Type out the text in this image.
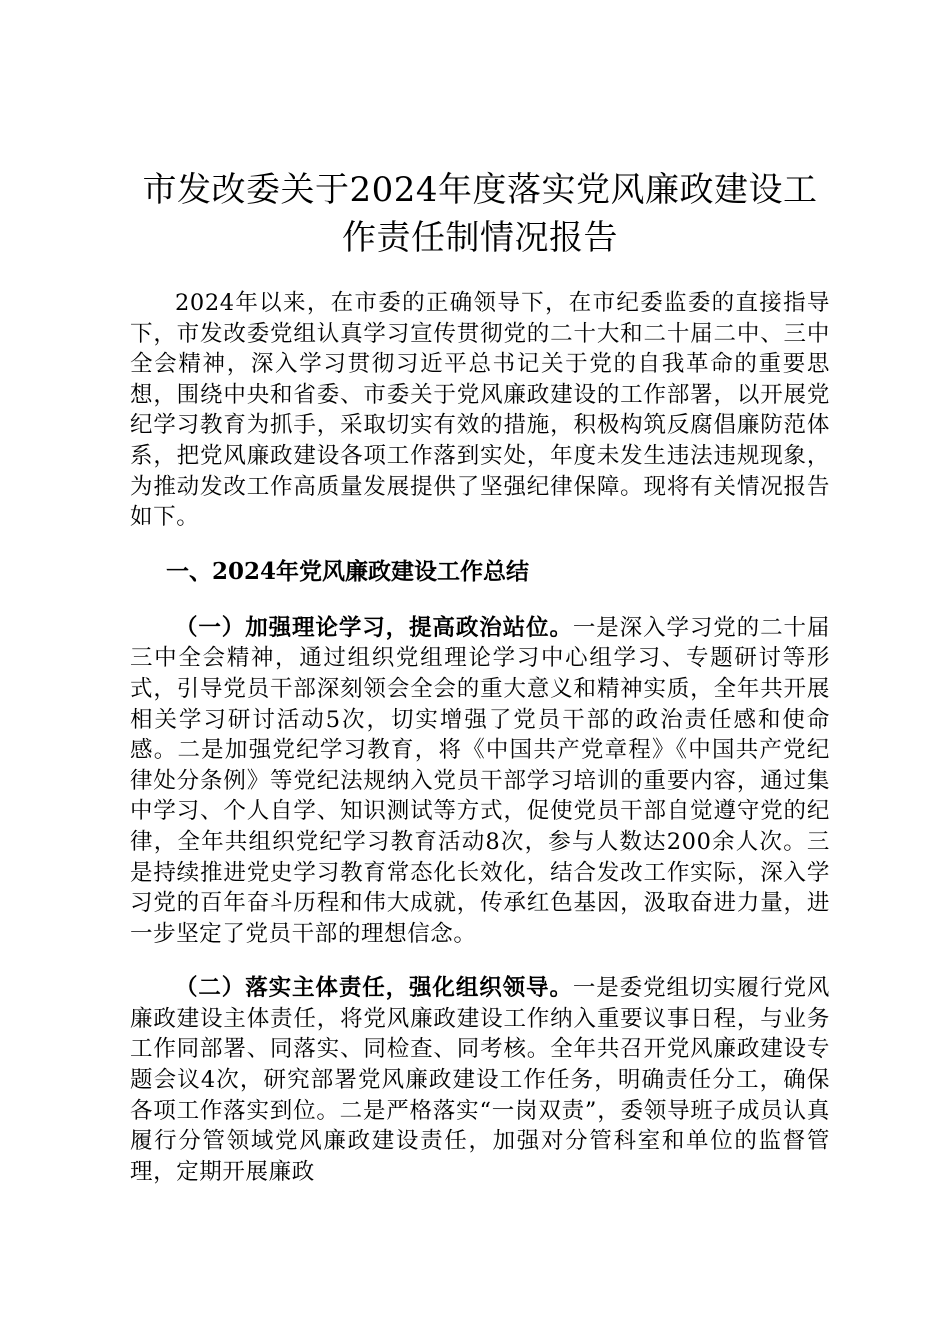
市发改委关于2024年度落实党风廉政建设工
作责任制情况报告

2024年以来，在市委的正确领导下，在市纪委监委的直接指导下，市发改委党组认真学习宣传贯彻党的二十大和二十届二中、三中全会精神，深入学习贯彻习近平总书记关于党的自我革命的重要思想，围绕中央和省委、市委关于党风廉政建设的工作部署，以开展党纪学习教育为抓手，采取切实有效的措施，积极构筑反腐倡廉防范体系，把党风廉政建设各项工作落到实处，年度未发生违法违规现象，为推动发改工作高质量发展提供了坚强纪律保障。现将有关情况报告如下。

一、2024年党风廉政建设工作总结

（一）加强理论学习，提高政治站位。一是深入学习党的二十届三中全会精神，通过组织党组理论学习中心组学习、专题研讨等形式，引导党员干部深刻领会全会的重大意义和精神实质，全年共开展相关学习研讨活动5次，切实增强了党员干部的政治责任感和使命感。二是加强党纪学习教育，将《中国共产党章程》《中国共产党纪律处分条例》等党纪法规纳入党员干部学习培训的重要内容，通过集中学习、个人自学、知识测试等方式，促使党员干部自觉遵守党的纪律，全年共组织党纪学习教育活动8次，参与人数达200余人次。三是持续推进党史学习教育常态化长效化，结合发改工作实际，深入学习党的百年奋斗历程和伟大成就，传承红色基因，汲取奋进力量，进一步坚定了党员干部的理想信念。

（二）落实主体责任，强化组织领导。一是委党组切实履行党风廉政建设主体责任，将党风廉政建设工作纳入重要议事日程，与业务工作同部署、同落实、同检查、同考核。全年共召开党风廉政建设专题会议4次，研究部署党风廉政建设工作任务，明确责任分工，确保各项工作落实到位。二是严格落实“一岗双责”，委领导班子成员认真履行分管领域党风廉政建设责任，加强对分管科室和单位的监督管理，定期开展廉政
